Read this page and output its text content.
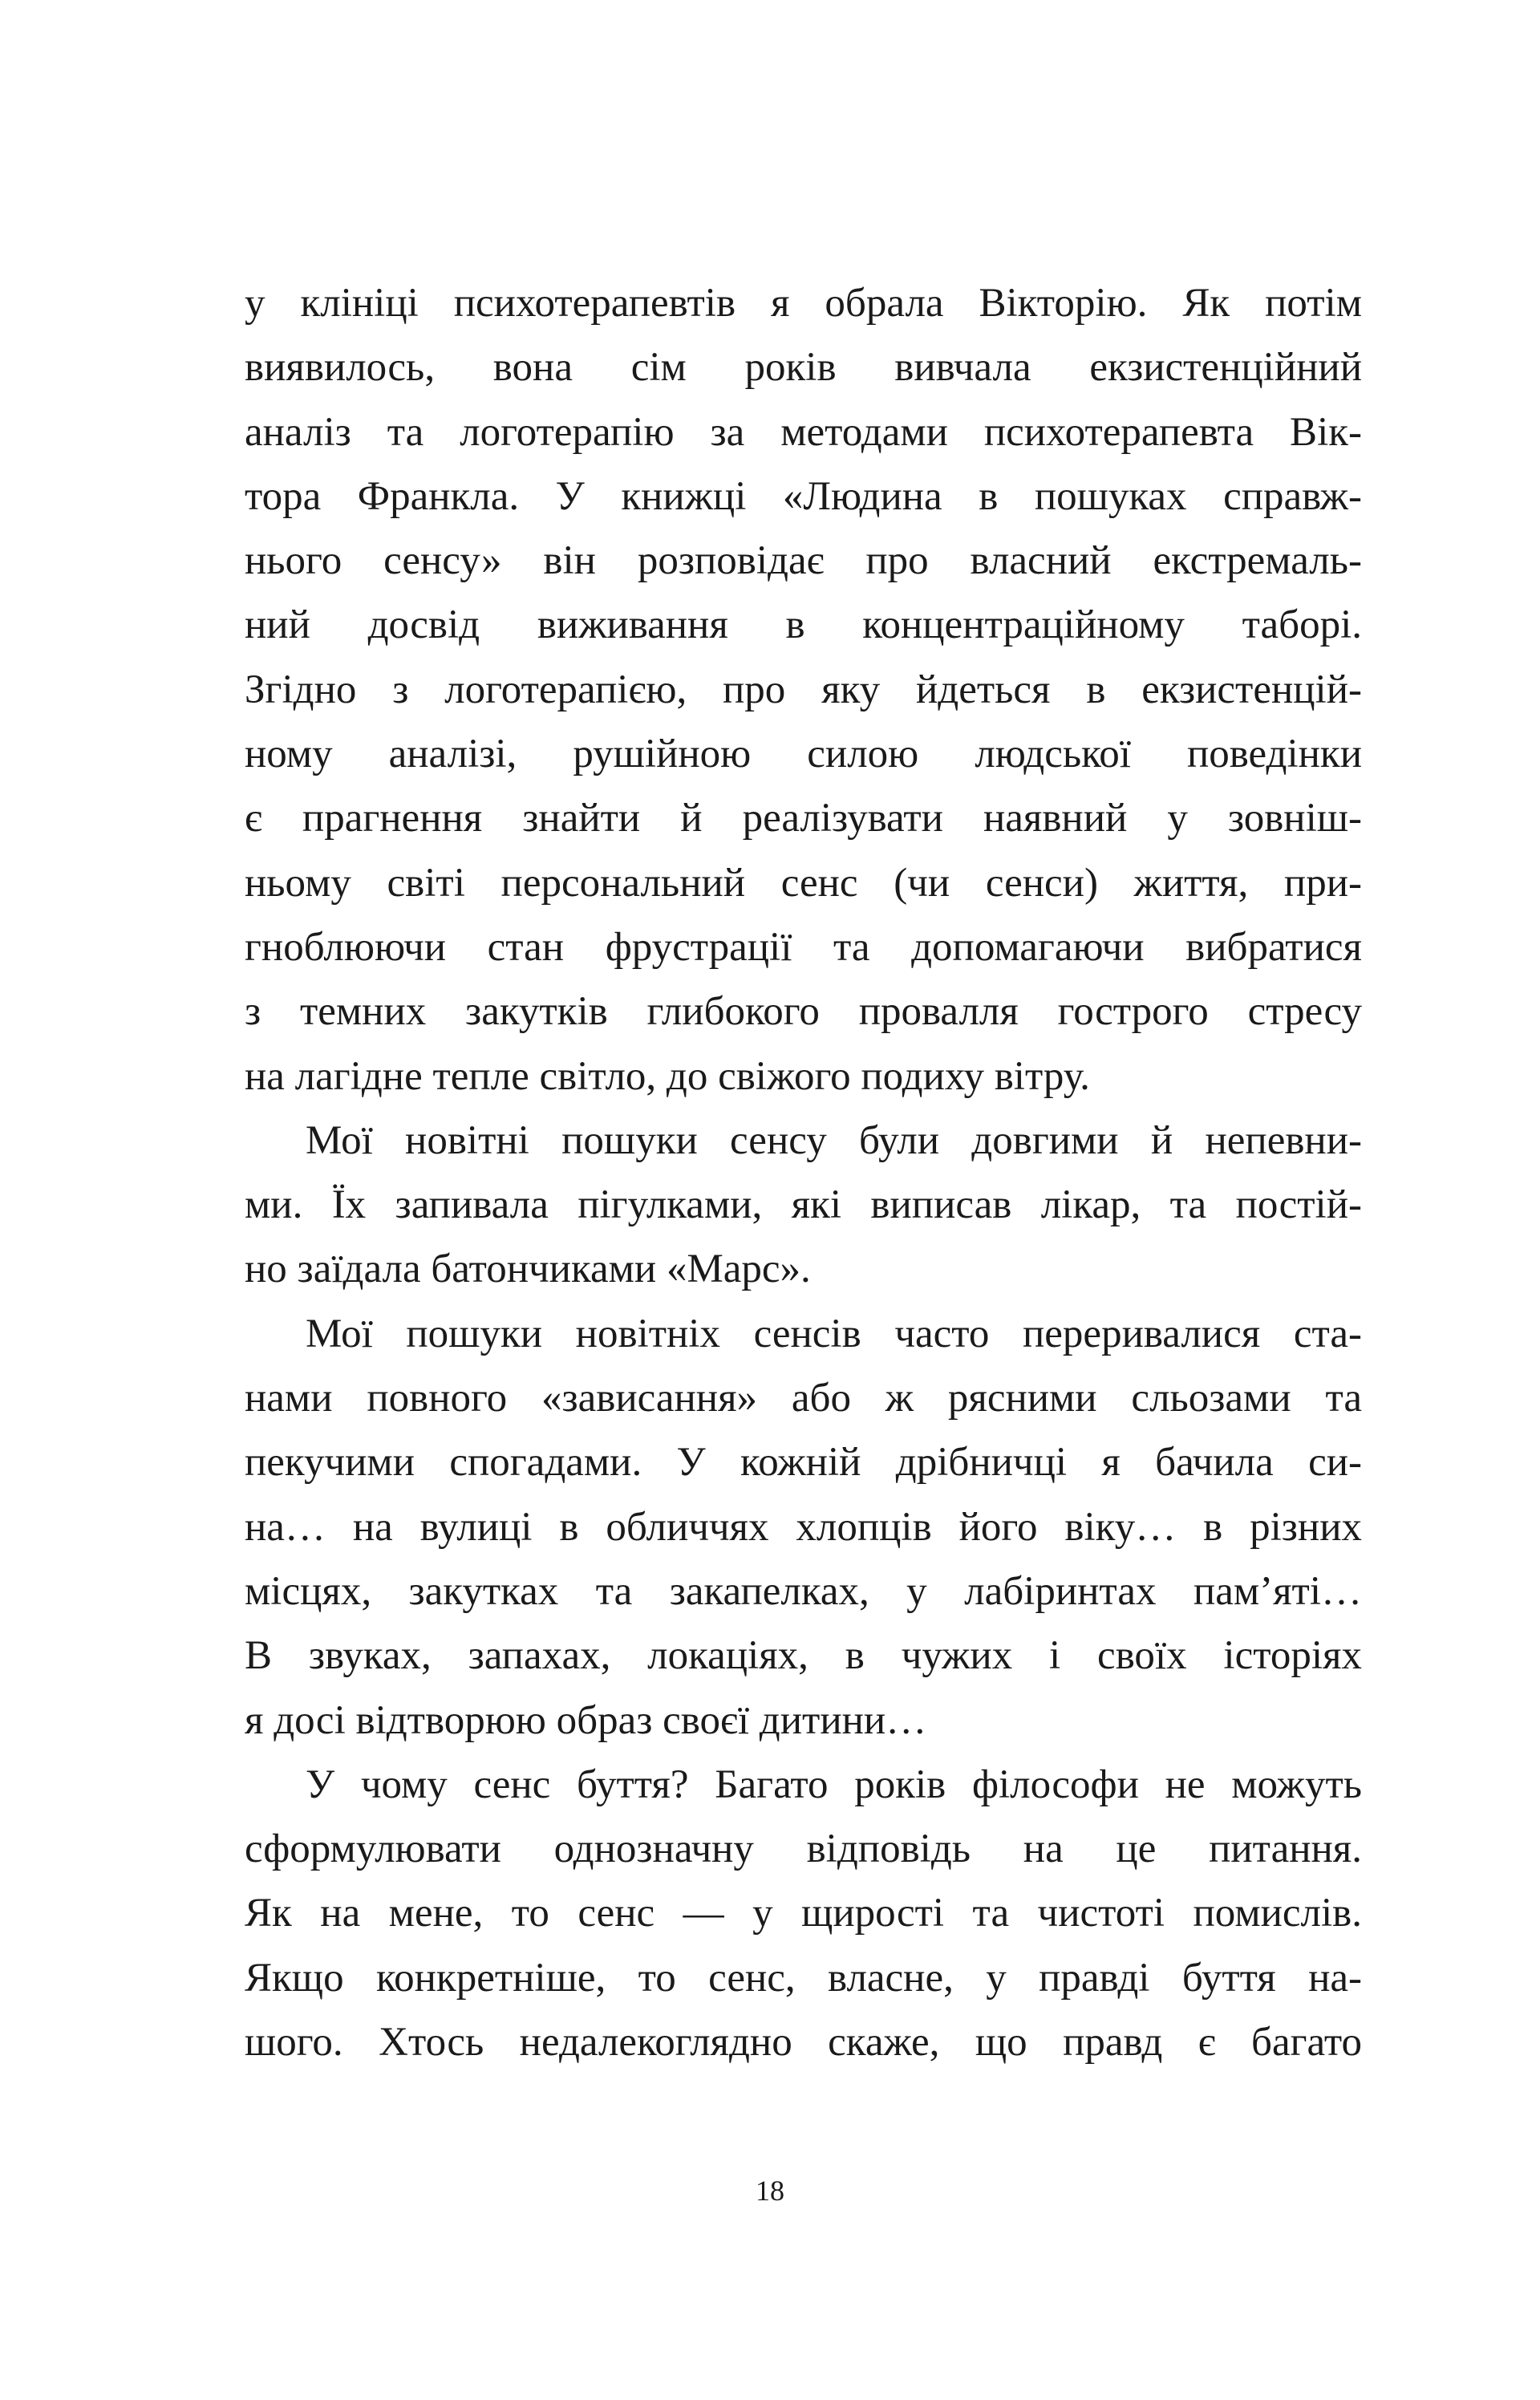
у клініці психотерапевтів я обрала Вікторію. Як потім
виявилось, вона сім років вивчала екзистенційний
аналіз та логотерапію за методами психотерапевта Вік-
тора Франкла. У книжці «Людина в пошуках справж-
нього сенсу» він розповідає про власний екстремаль-
ний досвід виживання в концентраційному таборі.
Згідно з логотерапією, про яку йдеться в екзистенцій-
ному аналізі, рушійною силою людської поведінки
є прагнення знайти й реалізувати наявний у зовніш-
ньому світі персональний сенс (чи сенси) життя, при-
гноблюючи стан фрустрації та допомагаючи вибратися
з темних закутків глибокого провалля гострого стресу
на лагідне тепле світло, до свіжого подиху вітру.
Мої новітні пошуки сенсу були довгими й непевни-
ми. Їх запивала пігулками, які виписав лікар, та постій-
но заїдала батончиками «Марс».
Мої пошуки новітніх сенсів часто переривалися ста-
нами повного «зависання» або ж рясними сльозами та
пекучими спогадами. У кожній дрібничці я бачила си-
на… на вулиці в обличчях хлопців його віку… в різних
місцях, закутках та закапелках, у лабіринтах пам’яті…
В звуках, запахах, локаціях, в чужих і своїх історіях
я досі відтворюю образ своєї дитини…
У чому сенс буття? Багато років філософи не можуть
сформулювати однозначну відповідь на це питання.
Як на мене, то сенс — у щирості та чистоті помислів.
Якщо конкретніше, то сенс, власне, у правді буття на-
шого. Хтось недалекоглядно скаже, що правд є багато
18
